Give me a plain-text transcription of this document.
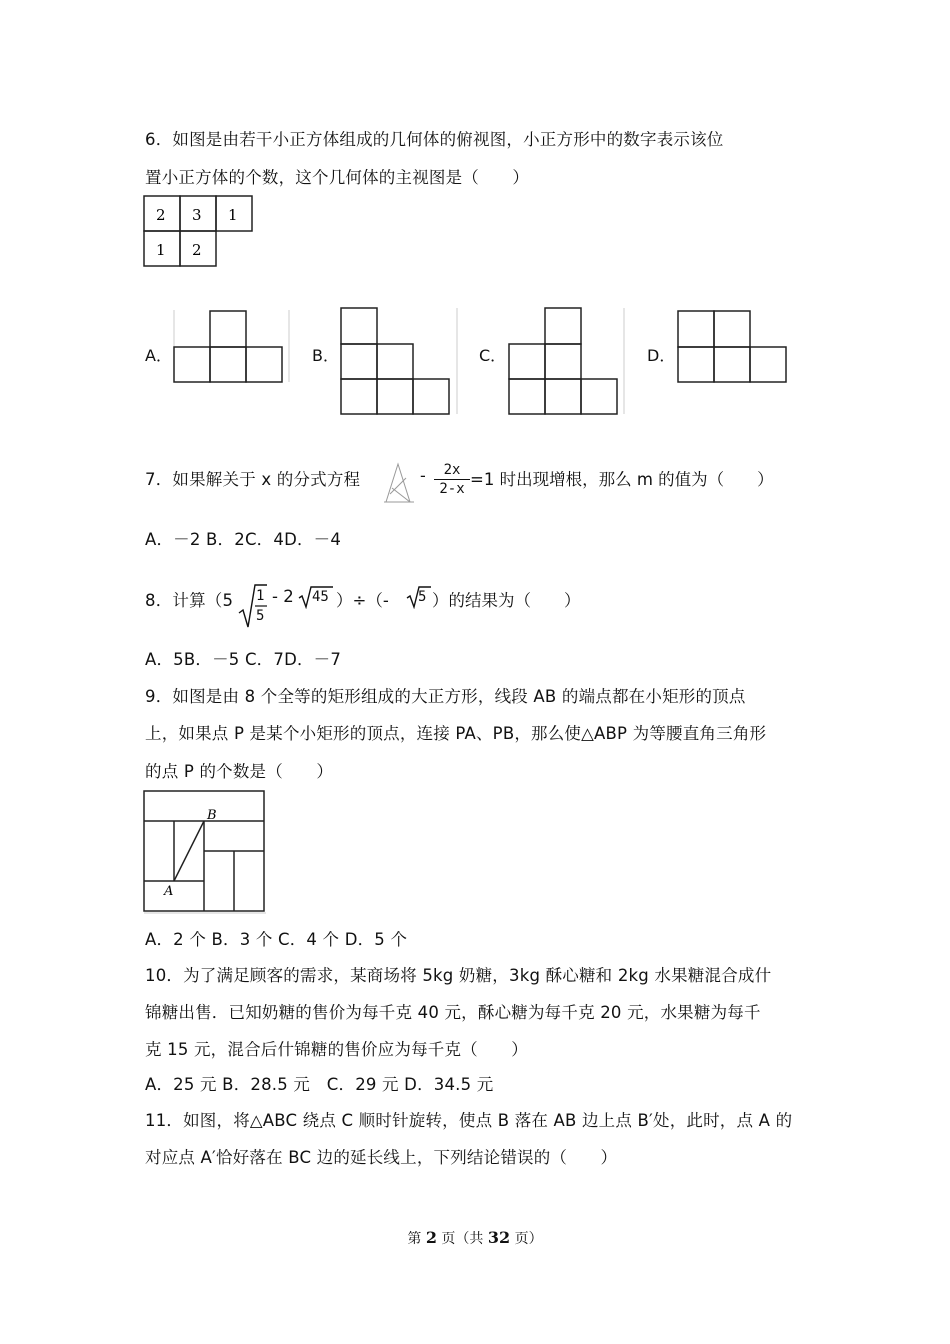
6．如图是由若干小正方体组成的几何体的俯视图，小正方形中的数字表示该位
置小正方体的个数，这个几何体的主视图是（　　）
2 3 1
1 2
A．	B．	C．	D．
7．如果解关于 x 的分式方程	- $\frac{2x}{2-x} =1$ 时出现增根，那么 m 的值为（　　）
A．－2 B．2C．4D．－4
8．计算（5 1
5
- 2 45 ）÷（- 5 ）的结果为（　　）
A．5B．－5 C．7D．－7
9．如图是由 8 个全等的矩形组成的大正方形，线段 AB 的端点都在小矩形的顶点
上，如果点 P 是某个小矩形的顶点，连接 PA、PB，那么使△ABP 为等腰直角三角形
的点 P 的个数是（　　）
B
A
A．2 个 B．3 个 C．4 个 D．5 个
10．为了满足顾客的需求，某商场将 5kg 奶糖，3kg 酥心糖和 2kg 水果糖混合成什
锦糖出售．已知奶糖的售价为每千克 40 元，酥心糖为每千克 20 元，水果糖为每千
克 15 元，混合后什锦糖的售价应为每千克（　　）
A．25 元 B．28.5 元　C．29 元 D．34.5 元
11．如图，将△ABC 绕点 C 顺时针旋转，使点 B 落在 AB 边上点 B′处，此时，点 A 的
对应点 A′恰好落在 BC 边的延长线上，下列结论错误的（　　）
第 2 页（共 32 页）
